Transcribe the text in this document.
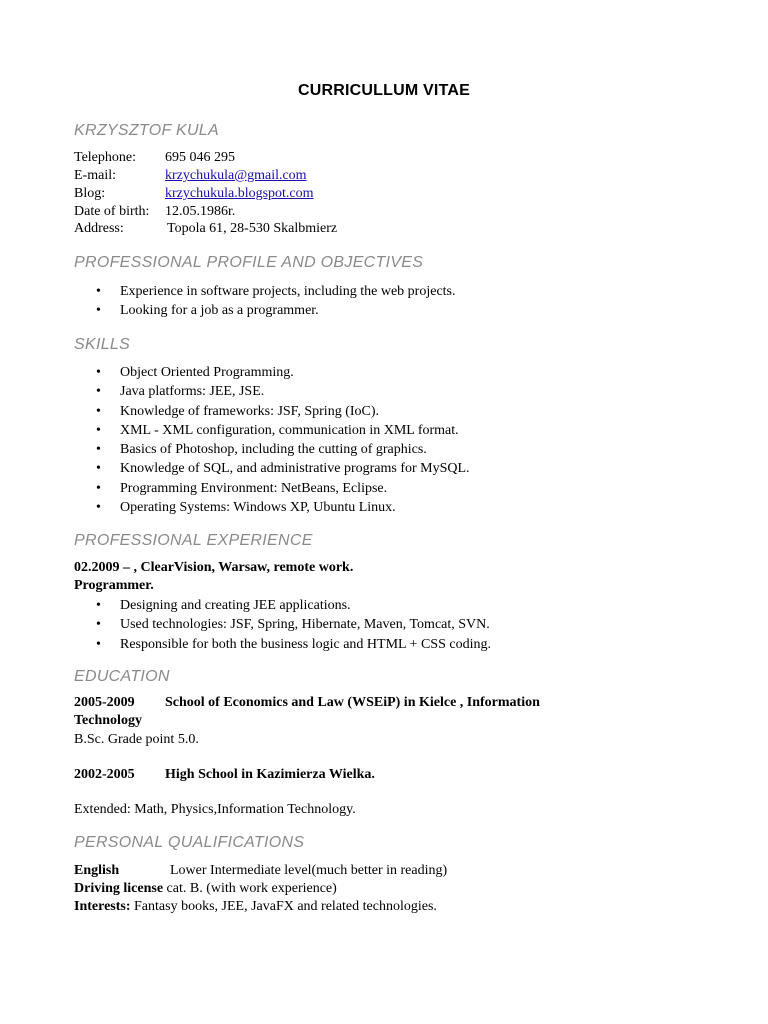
CURRICULLUM VITAE
KRZYSZTOF KULA
Telephone: 695 046 295
E-mail:	krzychukula@gmail.com
Blog:	krzychukula.blogspot.com
Date of birth: 12.05.1986r.
Address:	Topola 61, 28-530 Skalbmierz
PROFESSIONAL PROFILE AND OBJECTIVES
• Experience in software projects, including the web projects.
• Looking for a job as a programmer.
SKILLS
• Object Oriented Programming.
• Java platforms: JEE, JSE.
• Knowledge of frameworks: JSF, Spring (IoC).
• XML - XML configuration, communication in XML format.
• Basics of Photoshop, including the cutting of graphics.
• Knowledge of SQL, and administrative programs for MySQL.
• Programming Environment: NetBeans, Eclipse.
• Operating Systems: Windows XP, Ubuntu Linux.
PROFESSIONAL EXPERIENCE
02.2009 – , ClearVision, Warsaw, remote work.
Programmer.
• Designing and creating JEE applications.
• Used technologies: JSF, Spring, Hibernate, Maven, Tomcat, SVN.
• Responsible for both the business logic and HTML + CSS coding.
EDUCATION
2005-2009 School of Economics and Law (WSEiP) in Kielce , Information
Technology
B.Sc. Grade point 5.0.
2002-2005 High School in Kazimierza Wielka.
Extended: Math, Physics,Information Technology.
PERSONAL QUALIFICATIONS
English	Lower Intermediate level(much better in reading)
Driving license cat. B. (with work experience)
Interests: Fantasy books, JEE, JavaFX and related technologies.
